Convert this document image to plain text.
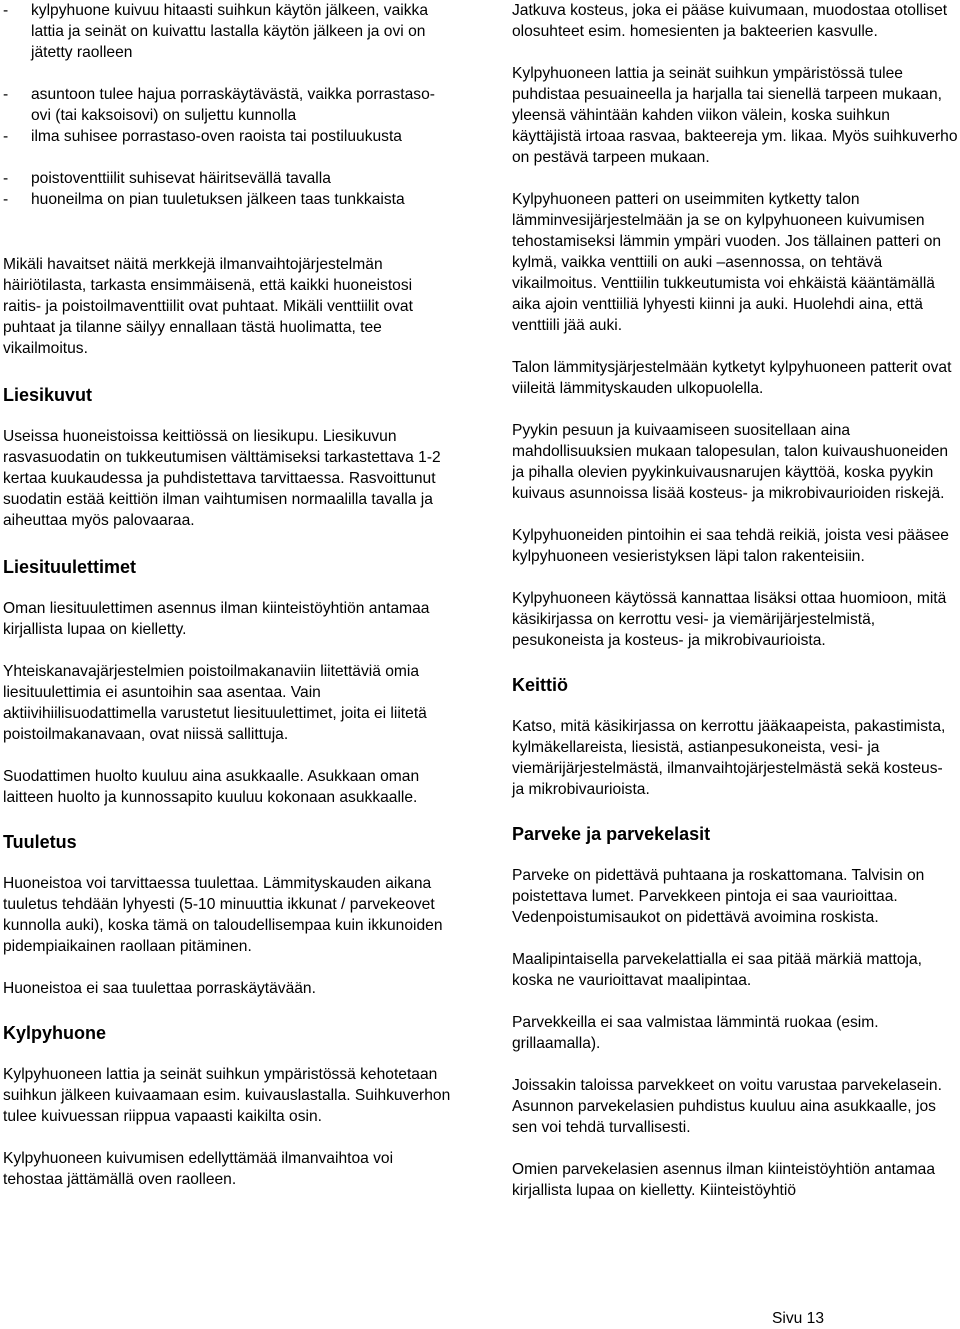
- kylpyhuone kuivuu hitaasti suihkun käytön jälkeen, vaikka lattia ja seinät on kuivattu lastalla käytön jälkeen ja ovi on jätetty raolleen
- asuntoon tulee hajua porraskäytävästä, vaikka porrastaso-ovi (tai kaksoisovi) on suljettu kunnolla
- ilma suhisee porrastaso-oven raoista tai postiluukusta
- poistoventtiilit suhisevat häiritsevällä tavalla
- huoneilma on pian tuuletuksen jälkeen taas tunkkaista

Mikäli havaitset näitä merkkejä ilmanvaihtojärjestelmän häiriötilasta, tarkasta ensimmäisenä, että kaikki huoneistosi raitis- ja poistoilmaventtiilit ovat puhtaat. Mikäli venttiilit ovat puhtaat ja tilanne säilyy ennallaan tästä huolimatta, tee vikailmoitus.

Liesikuvut

Useissa huoneistoissa keittiössä on liesikupu. Liesikuvun rasvasuodatin on tukkeutumisen välttämiseksi tarkastettava 1-2 kertaa kuukaudessa ja puhdistettava tarvittaessa. Rasvoittunut suodatin estää keittiön ilman vaihtumisen normaalilla tavalla ja aiheuttaa myös palovaaraa.

Liesituulettimet

Oman liesituulettimen asennus ilman kiinteistöyhtiön antamaa kirjallista lupaa on kielletty.

Yhteiskanavajärjestelmien poistoilmakanaviin liitettäviä omia liesituulettimia ei asuntoihin saa asentaa. Vain aktiivihiilisuodattimella varustetut liesituulettimet, joita ei liitetä poistoilmakanavaan, ovat niissä sallittuja.

Suodattimen huolto kuuluu aina asukkaalle. Asukkaan oman laitteen huolto ja kunnossapito kuuluu kokonaan asukkaalle.

Tuuletus

Huoneistoa voi tarvittaessa tuulettaa. Lämmityskauden aikana tuuletus tehdään lyhyesti (5-10 minuuttia ikkunat / parvekeovet kunnolla auki), koska tämä on taloudellisempaa kuin ikkunoiden pidempiaikainen raollaan pitäminen.

Huoneistoa ei saa tuulettaa porraskäytävään.

Kylpyhuone

Kylpyhuoneen lattia ja seinät suihkun ympäristössä kehotetaan suihkun jälkeen kuivaamaan esim. kuivauslastalla. Suihkuverhon tulee kuivuessan riippua vapaasti kaikilta osin.

Kylpyhuoneen kuivumisen edellyttämää ilmanvaihtoa voi tehostaa jättämällä oven raolleen.

Jatkuva kosteus, joka ei pääse kuivumaan, muodostaa otolliset olosuhteet esim. homesienten ja bakteerien kasvulle.

Kylpyhuoneen lattia ja seinät suihkun ympäristössä tulee puhdistaa pesuaineella ja harjalla tai sienellä tarpeen mukaan, yleensä vähintään kahden viikon välein, koska suihkun käyttäjistä irtoaa rasvaa, bakteereja ym. likaa. Myös suihkuverho on pestävä tarpeen mukaan.

Kylpyhuoneen patteri on useimmiten kytketty talon lämminvesijärjestelmään ja se on kylpyhuoneen kuivumisen tehostamiseksi lämmin ympäri vuoden. Jos tällainen patteri on kylmä, vaikka venttiili on auki –asennossa, on tehtävä vikailmoitus. Venttiilin tukkeutumista voi ehkäistä kääntämällä aika ajoin venttiiliä lyhyesti kiinni ja auki. Huolehdi aina, että venttiili jää auki.

Talon lämmitysjärjestelmään kytketyt kylpyhuoneen patterit ovat viileitä lämmityskauden ulkopuolella.

Pyykin pesuun ja kuivaamiseen suositellaan aina mahdollisuuksien mukaan talopesulan, talon kuivaushuoneiden ja pihalla olevien pyykinkuivausnarujen käyttöä, koska pyykin kuivaus asunnoissa lisää kosteus- ja mikrobivaurioiden riskejä.

Kylpyhuoneiden pintoihin ei saa tehdä reikiä, joista vesi pääsee kylpyhuoneen vesieristyksen läpi talon rakenteisiin.

Kylpyhuoneen käytössä kannattaa lisäksi ottaa huomioon, mitä käsikirjassa on kerrottu vesi- ja viemärijärjestelmistä, pesukoneista ja kosteus- ja mikrobivaurioista.

Keittiö

Katso, mitä käsikirjassa on kerrottu jääkaapeista, pakastimista, kylmäkellareista, liesistä, astianpesukoneista, vesi- ja viemärijärjestelmästä, ilmanvaihtojärjestelmästä sekä kosteus- ja mikrobivaurioista.

Parveke ja parvekelasit

Parveke on pidettävä puhtaana ja roskattomana. Talvisin on poistettava lumet. Parvekkeen pintoja ei saa vaurioittaa. Vedenpoistumisaukot on pidettävä avoimina roskista.

Maalipintaisella parvekelattialla ei saa pitää märkiä mattoja, koska ne vaurioittavat maalipintaa.

Parvekkeilla ei saa valmistaa lämmintä ruokaa (esim. grillaamalla).

Joissakin taloissa parvekkeet on voitu varustaa parvekelasein. Asunnon parvekelasien puhdistus kuuluu aina asukkaalle, jos sen voi tehdä turvallisesti.

Omien parvekelasien asennus ilman kiinteistöyhtiön antamaa kirjallista lupaa on kielletty. Kiinteistöyhtiö

Sivu 13
